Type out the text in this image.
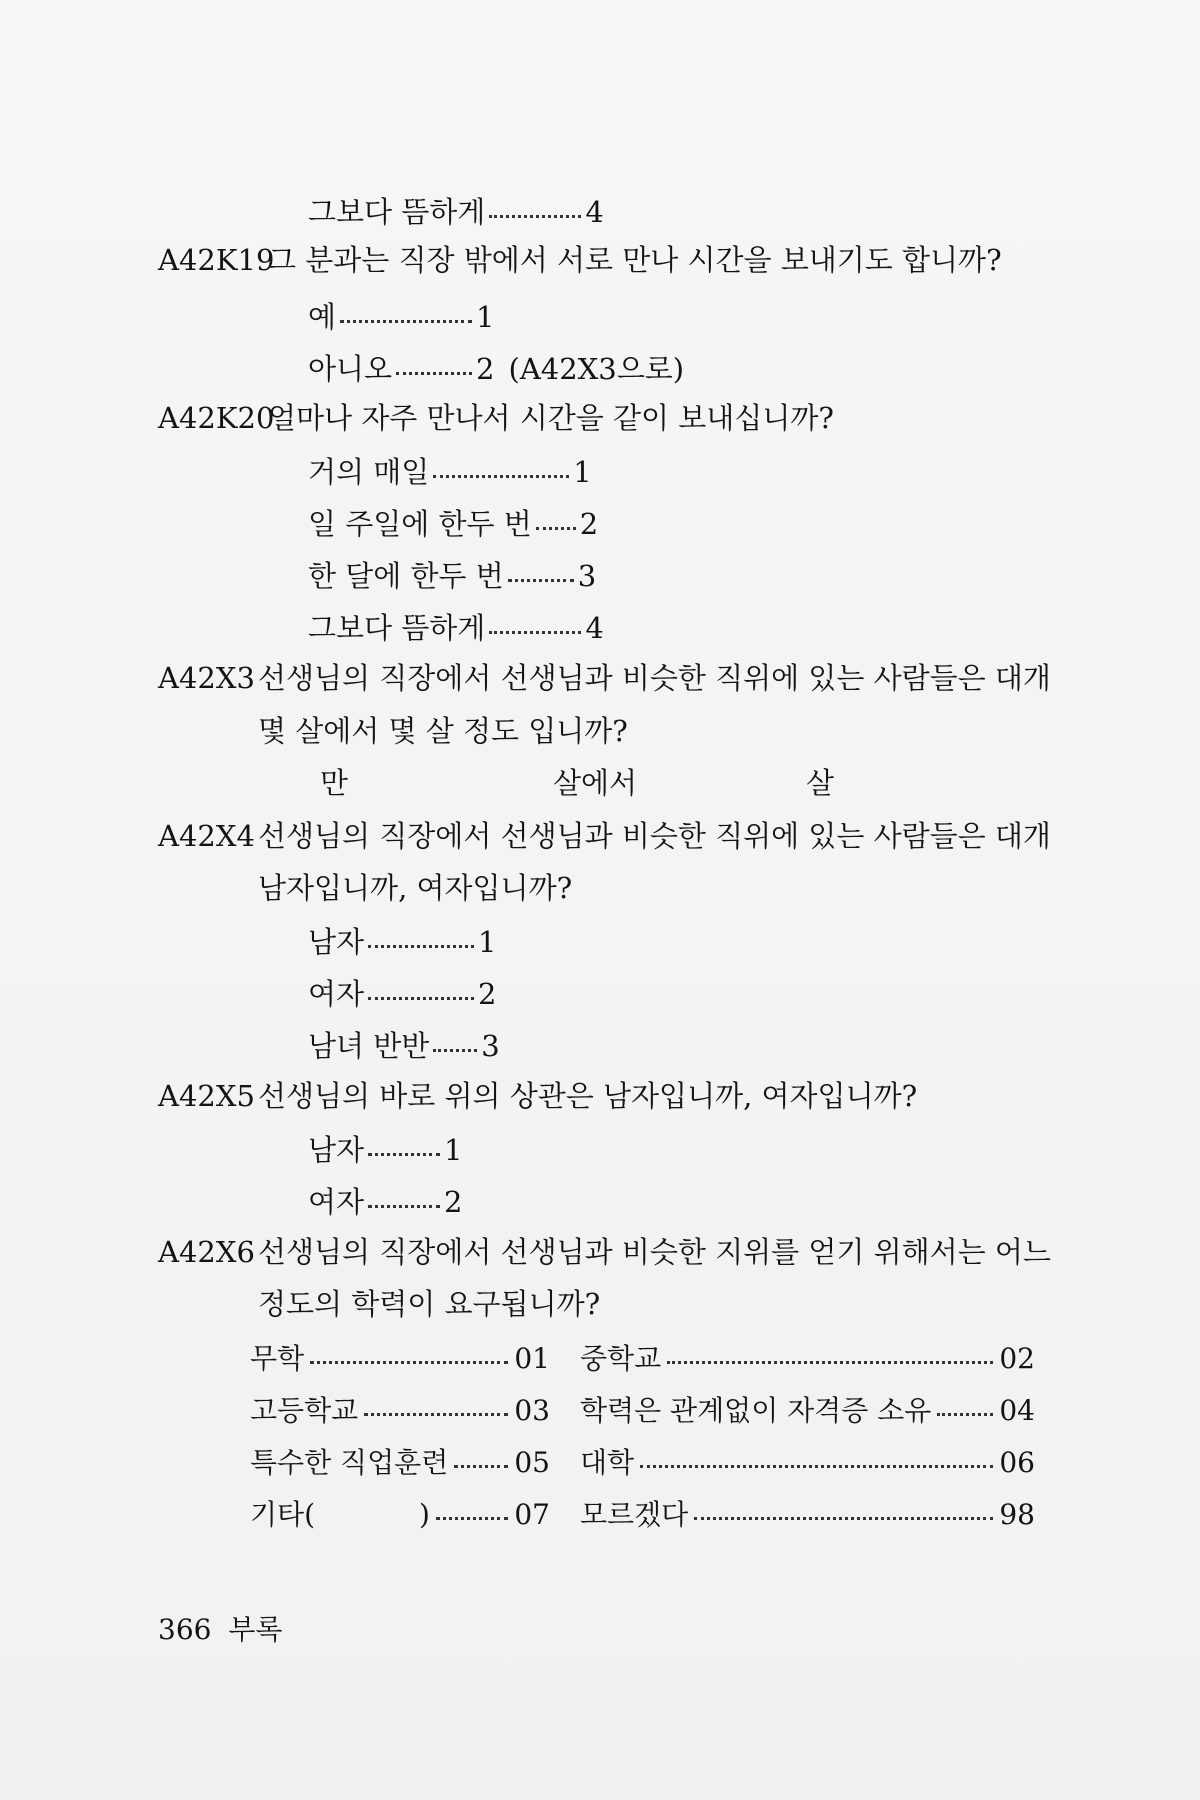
그보다 뜸하게	4
A42K19
그 분과는 직장 밖에서 서로 만나 시간을 보내기도 합니까?
예	1
아니오	2 (A42X3으로)
A42K20
얼마나 자주 만나서 시간을 같이 보내십니까?
거의 매일	1
일 주일에 한두 번 2
한 달에 한두 번	3
그보다 뜸하게	4
A42X3 선생님의 직장에서 선생님과 비슷한 직위에 있는 사람들은 대개
몇 살에서 몇 살 정도 입니까?
만	살에서	살
A42X4 선생님의 직장에서 선생님과 비슷한 직위에 있는 사람들은 대개
남자입니까, 여자입니까?
남자	1
여자	2
남녀 반반 3
A42X5 선생님의 바로 위의 상관은 남자입니까, 여자입니까?
남자	1
여자	2
A42X6 선생님의 직장에서 선생님과 비슷한 지위를 얻기 위해서는 어느
정도의 학력이 요구됩니까?
무학	01 중학교	02
고등학교	03 학력은 관계없이 자격증 소유 04
특수한 직업훈련 05 대학	06
기타(	)	07 모르겠다	98
366 부록
